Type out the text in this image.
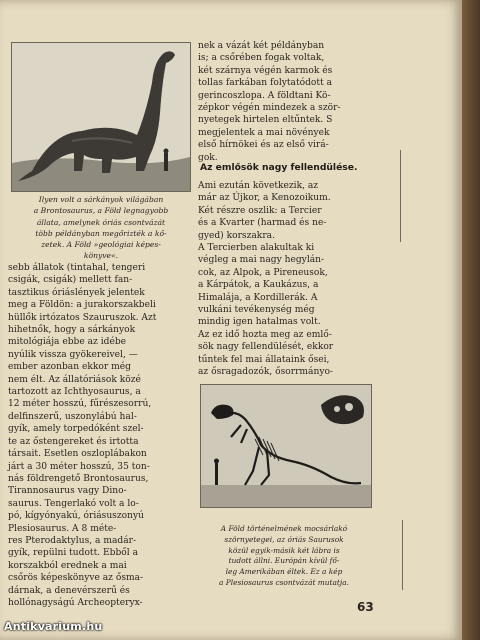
Ilyen volt a sárkányok világában
a Brontosaurus, a Föld legnagyobb
állata, amelynek óriás csontvázát
több példányban megőrizték a kő-
zetek. A Föld »geológiai képes-
könyve«.
sebb állatok (tintahal, tengeri
csigák, csigák) mellett fan-
tasztikus óriáslények jelentek
meg a Földön: a jurakorszakbeli
hüllők irtózatos Szauruszok. Azt
hihetnők, hogy a sárkányok
mitológiája ebbe az idébe
nyúlik vissza gyökereivel, —
ember azonban ekkor még
nem élt. Az állatóriások közé
tartozott az Ichthyosaurus, a
12 méter hosszú, fűrészesorrú,
delfinszerű, uszonylábú hal-
gyík, amely torpedóként szel-
te az őstengereket és irtotta
társait. Esetlen oszloplábakon
járt a 30 méter hosszú, 35 ton-
nás földrengető Brontosaurus,
Tirannosaurus vagy Dino-
saurus. Tengerlakó volt a lo-
pó, kígyónyakú, óriásuszonyú
Plesiosaurus. A 8 méte-
res Pterodaktylus, a madár-
gyík, repülni tudott. Ebből a
korszakból erednek a mai
csőrös képeskönyve az ősma-
dárnak, a denevérszerű és
hollónagyságú Archeopteryx-
nek a vázát két példányban
is; a csőrében fogak voltak,
két szárnya végén karmok és
tollas farkában folytatódott a
gerincoszlopa. A földtani Kö-
zépkor végén mindezek a ször-
nyetegek hirtelen eltűntek. S
megjelentek a mai növények
első hírnökei és az első virá-
gok.
Az emlősök nagy fellendülése.
Ami ezután következik, az
már az Újkor, a Kenozoikum.
Két részre oszlik: a Tercier
és a Kvarter (harmad és ne-
gyed) korszakra.
A Tercierben alakultak ki
végleg a mai nagy hegylán-
cok, az Alpok, a Pireneusok,
a Kárpátok, a Kaukázus, a
Himalája, a Kordillerák. A
vulkáni tevékenység még
mindig igen hatalmas volt.
Az ez idő hozta meg az emlő-
sök nagy fellendülését, ekkor
tűntek fel mai állataink ősei,
az ősragadozók, ősorrmányo-
A Föld történelmének mocsárlakó
szörnyetegei, az óriás Saurusok
közül egyik-másik két lábra is
tudott állni. Európán kívül fő-
leg Amerikában éltek. Ez a kép
a Plesiosaurus csontvázát mutatja.
63
Antikvarium.hu
